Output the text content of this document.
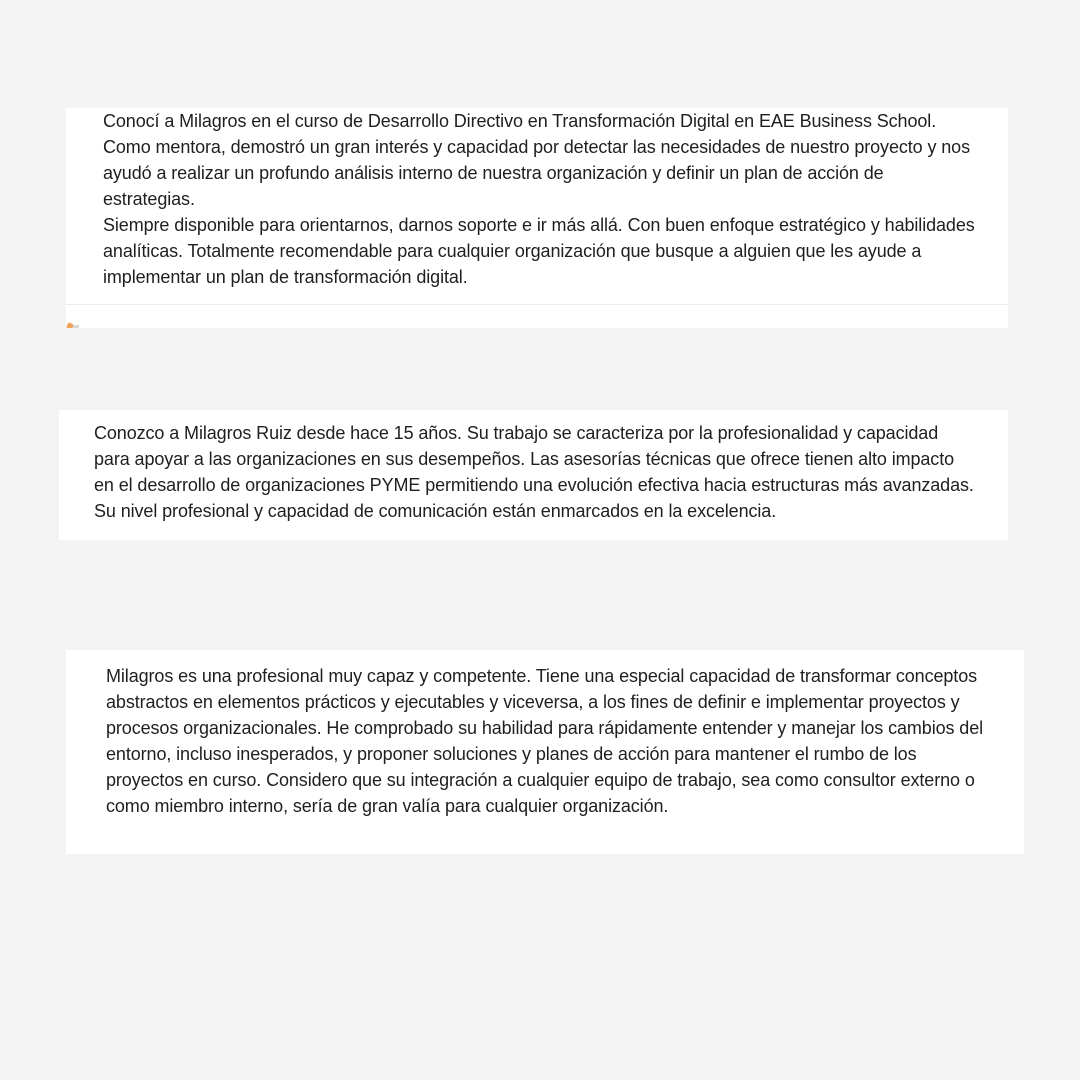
Conocí a Milagros en el curso de Desarrollo Directivo en Transformación Digital en EAE Business School. Como mentora, demostró un gran interés y capacidad por detectar las necesidades de nuestro proyecto y nos ayudó a realizar un profundo análisis interno de nuestra organización y definir un plan de acción de estrategias.

Siempre disponible para orientarnos, darnos soporte e ir más allá. Con buen enfoque estratégico y habilidades analíticas. Totalmente recomendable para cualquier organización que busque a alguien que les ayude a implementar un plan de transformación digital.

Conozco a Milagros Ruiz desde hace 15 años. Su trabajo se caracteriza por la profesionalidad y capacidad para apoyar a las organizaciones en sus desempeños. Las asesorías técnicas que ofrece tienen alto impacto en el desarrollo de organizaciones PYME permitiendo una evolución efectiva hacia estructuras más avanzadas. Su nivel profesional y capacidad de comunicación están enmarcados en la excelencia.

Milagros es una profesional muy capaz y competente. Tiene una especial capacidad de transformar conceptos abstractos en elementos prácticos y ejecutables y viceversa, a los fines de definir e implementar proyectos y procesos organizacionales. He comprobado su habilidad para rápidamente entender y manejar los cambios del entorno, incluso inesperados, y proponer soluciones y planes de acción para mantener el rumbo de los proyectos en curso. Considero que su integración a cualquier equipo de trabajo, sea como consultor externo o como miembro interno, sería de gran valía para cualquier organización.
